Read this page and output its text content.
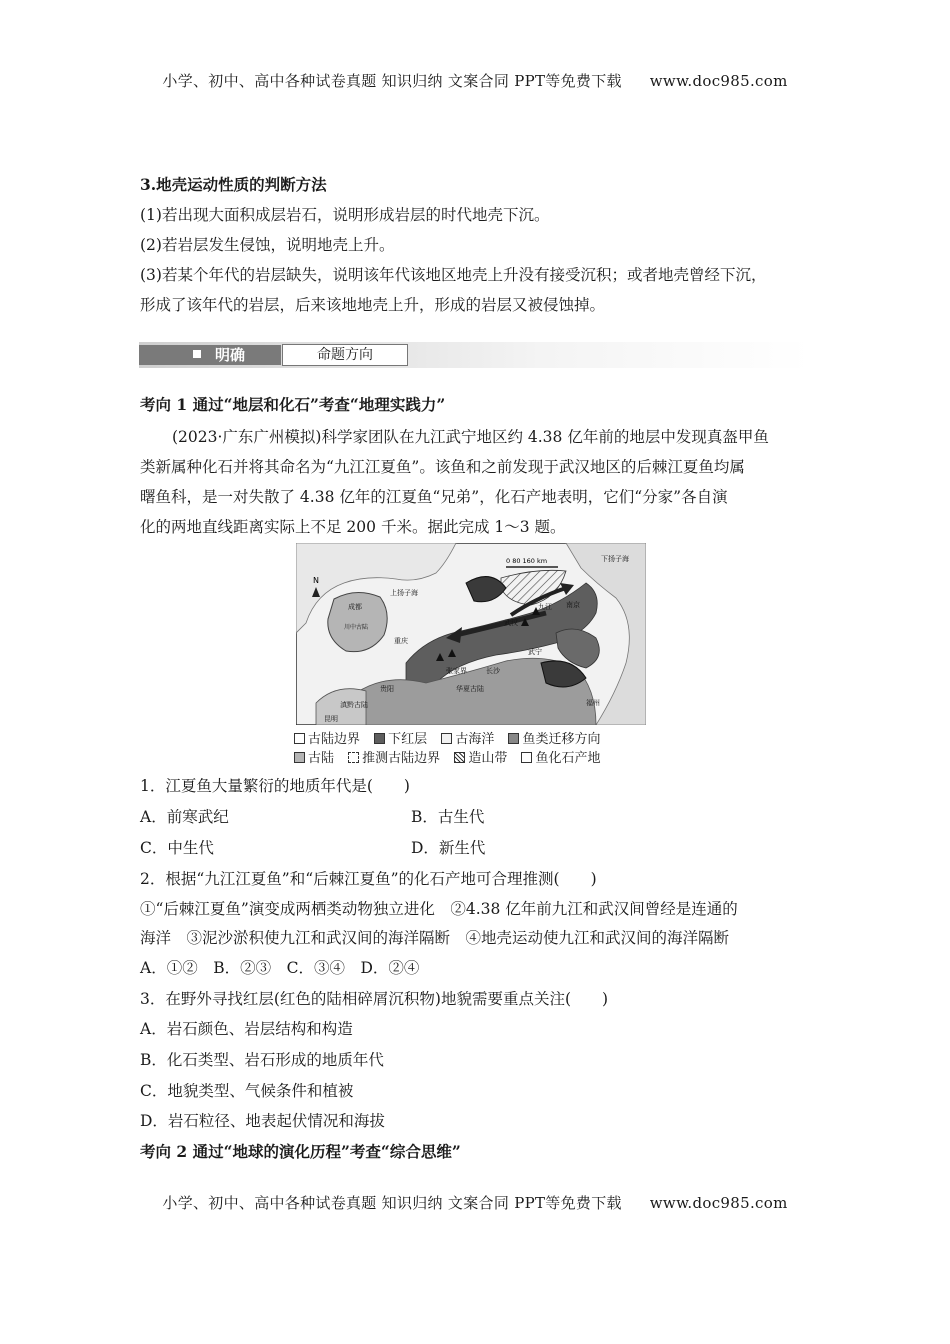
小学、初中、高中各种试卷真题 知识归纳 文案合同 PPT等免费下载 www.doc985.com
3.地壳运动性质的判断方法
(1)若出现大面积成层岩石，说明形成岩层的时代地壳下沉。
(2)若岩层发生侵蚀，说明地壳上升。
(3)若某个年代的岩层缺失，说明该年代该地区地壳上升没有接受沉积；或者地壳曾经下沉，
形成了该年代的岩层，后来该地地壳上升，形成的岩层又被侵蚀掉。
明确	命题方向
考向 1 通过“地层和化石”考查“地理实践力”
(2023·广东广州模拟)科学家团队在九江武宁地区约 4.38 亿年前的地层中发现真盔甲鱼
类新属种化石并将其命名为“九江江夏鱼”。该鱼和之前发现于武汉地区的后棘江夏鱼均属
曙鱼科，是一对失散了 4.38 亿年的江夏鱼“兄弟”，化石产地表明，它们“分家”各自演
化的两地直线距离实际上不足 200 千米。据此完成 1～3 题。
N
0 80 160 km
上扬子海
下扬子海
成都
川中古陆
重庆
张家界	长沙
武汉
武宁
九江 南京
华夏古陆
滇黔古陆
昆明
贵阳
福州
古陆边界 下红层 古海洋 鱼类迁移方向
古陆 推测古陆边界 造山带 鱼化石产地
1．江夏鱼大量繁衍的地质年代是(　　)
A．前寒武纪	B．古生代
C．中生代	D．新生代
2．根据“九江江夏鱼”和“后棘江夏鱼”的化石产地可合理推测(　　)
①“后棘江夏鱼”演变成两栖类动物独立进化　②4.38 亿年前九江和武汉间曾经是连通的
海洋　③泥沙淤积使九江和武汉间的海洋隔断　④地壳运动使九江和武汉间的海洋隔断
A．①②　B．②③　C．③④　D．②④
3．在野外寻找红层(红色的陆相碎屑沉积物)地貌需要重点关注(　　)
A．岩石颜色、岩层结构和构造
B．化石类型、岩石形成的地质年代
C．地貌类型、气候条件和植被
D．岩石粒径、地表起伏情况和海拔
考向 2 通过“地球的演化历程”考查“综合思维”
小学、初中、高中各种试卷真题 知识归纳 文案合同 PPT等免费下载 www.doc985.com
